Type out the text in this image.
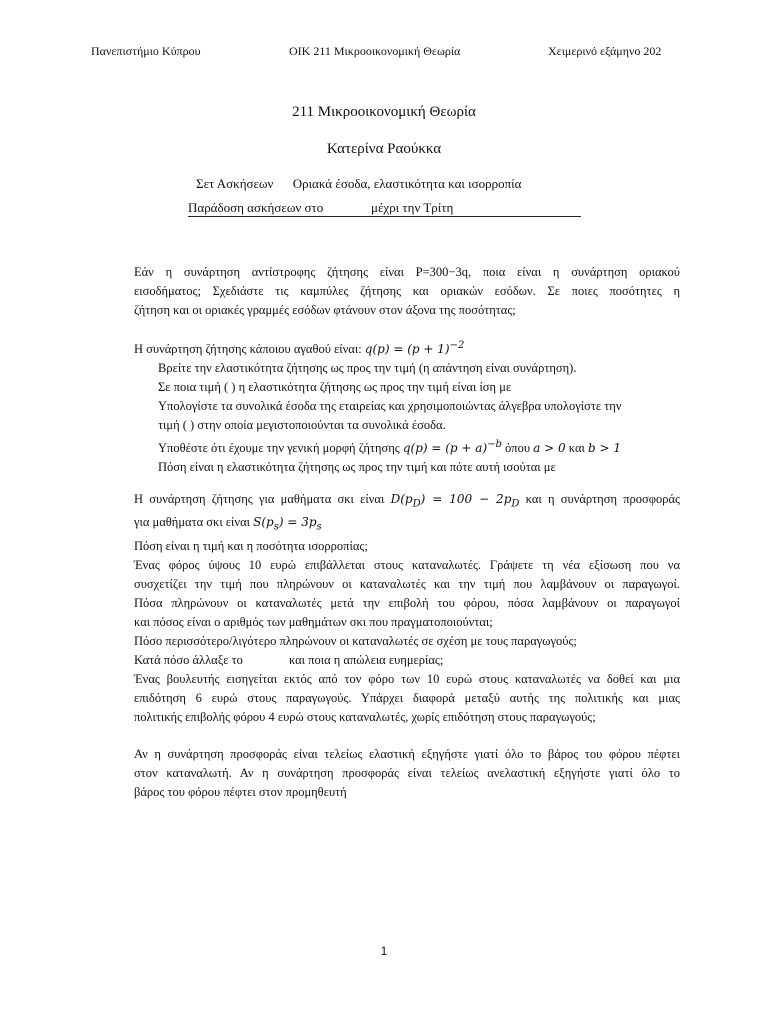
Πανεπιστήμιο Κύπρου	ΟΙΚ 211 Μικροοικονομική Θεωρία	Χειμερινό εξάμηνο 202
211 Μικροοικονομική Θεωρία
Κατερίνα Ραούκκα
Σετ Ασκήσεων Οριακά έσοδα, ελαστικότητα και ισορροπία
Παράδοση ασκήσεων στο	μέχρι την Τρίτη
Εάν η συνάρτηση αντίστροφης ζήτησης είναι P=300−3q, ποια είναι η συνάρτηση οριακού
εισοδήματος; Σχεδιάστε τις καμπύλες ζήτησης και οριακών εσόδων. Σε ποιες ποσότητες η
ζήτηση και οι οριακές γραμμές εσόδων φτάνουν στον άξονα της ποσότητας;
Η συνάρτηση ζήτησης κάποιου αγαθού είναι: $q(p) = (p + 1)^{-2}$
Βρείτε την ελαστικότητα ζήτησης ως προς την τιμή (η απάντηση είναι συνάρτηση).
Σε ποια τιμή ( ) η ελαστικότητα ζήτησης ως προς την τιμή είναι ίση με
Υπολογίστε τα συνολικά έσοδα της εταιρείας και χρησιμοποιώντας άλγεβρα υπολογίστε την
τιμή ( ) στην οποία μεγιστοποιούνται τα συνολικά έσοδα.
Υποθέστε ότι έχουμε την γενική μορφή ζήτησης $q(p) = (p + a)^{-b}$ όπου a > 0 και b > 1
Πόση είναι η ελαστικότητα ζήτησης ως προς την τιμή και πότε αυτή ισούται με
Η συνάρτηση ζήτησης για μαθήματα σκι είναι $D(p_D) = 100 - 2p_D$ και η συνάρτηση προσφοράς
για μαθήματα σκι είναι $S(p_s) = 3p_s$
Πόση είναι η τιμή και η ποσότητα ισορροπίας;
Ένας φόρος ύψους 10 ευρώ επιβάλλεται στους καταναλωτές. Γράψετε τη νέα εξίσωση που να
συσχετίζει την τιμή που πληρώνουν οι καταναλωτές και την τιμή που λαμβάνουν οι παραγωγοί.
Πόσα πληρώνουν οι καταναλωτές μετά την επιβολή του φόρου, πόσα λαμβάνουν οι παραγωγοί
και πόσος είναι ο αριθμός των μαθημάτων σκι που πραγματοποιούνται;
Πόσο περισσότερο/λιγότερο πληρώνουν οι καταναλωτές σε σχέση με τους παραγωγούς;
Κατά πόσο άλλαξε το	και ποια η απώλεια ευημερίας;
Ένας βουλευτής εισηγείται εκτός από τον φόρο των 10 ευρώ στους καταναλωτές να δοθεί και μια
επιδότηση 6 ευρώ στους παραγωγούς. Υπάρχει διαφορά μεταξύ αυτής της πολιτικής και μιας
πολιτικής επιβολής φόρου 4 ευρώ στους καταναλωτές, χωρίς επιδότηση στους παραγωγούς;
Αν η συνάρτηση προσφοράς είναι τελείως ελαστική εξηγήστε γιατί όλο το βάρος του φόρου πέφτει
στον καταναλωτή. Αν η συνάρτηση προσφοράς είναι τελείως ανελαστική εξηγήστε γιατί όλο το
βάρος του φόρου πέφτει στον προμηθευτή
1
